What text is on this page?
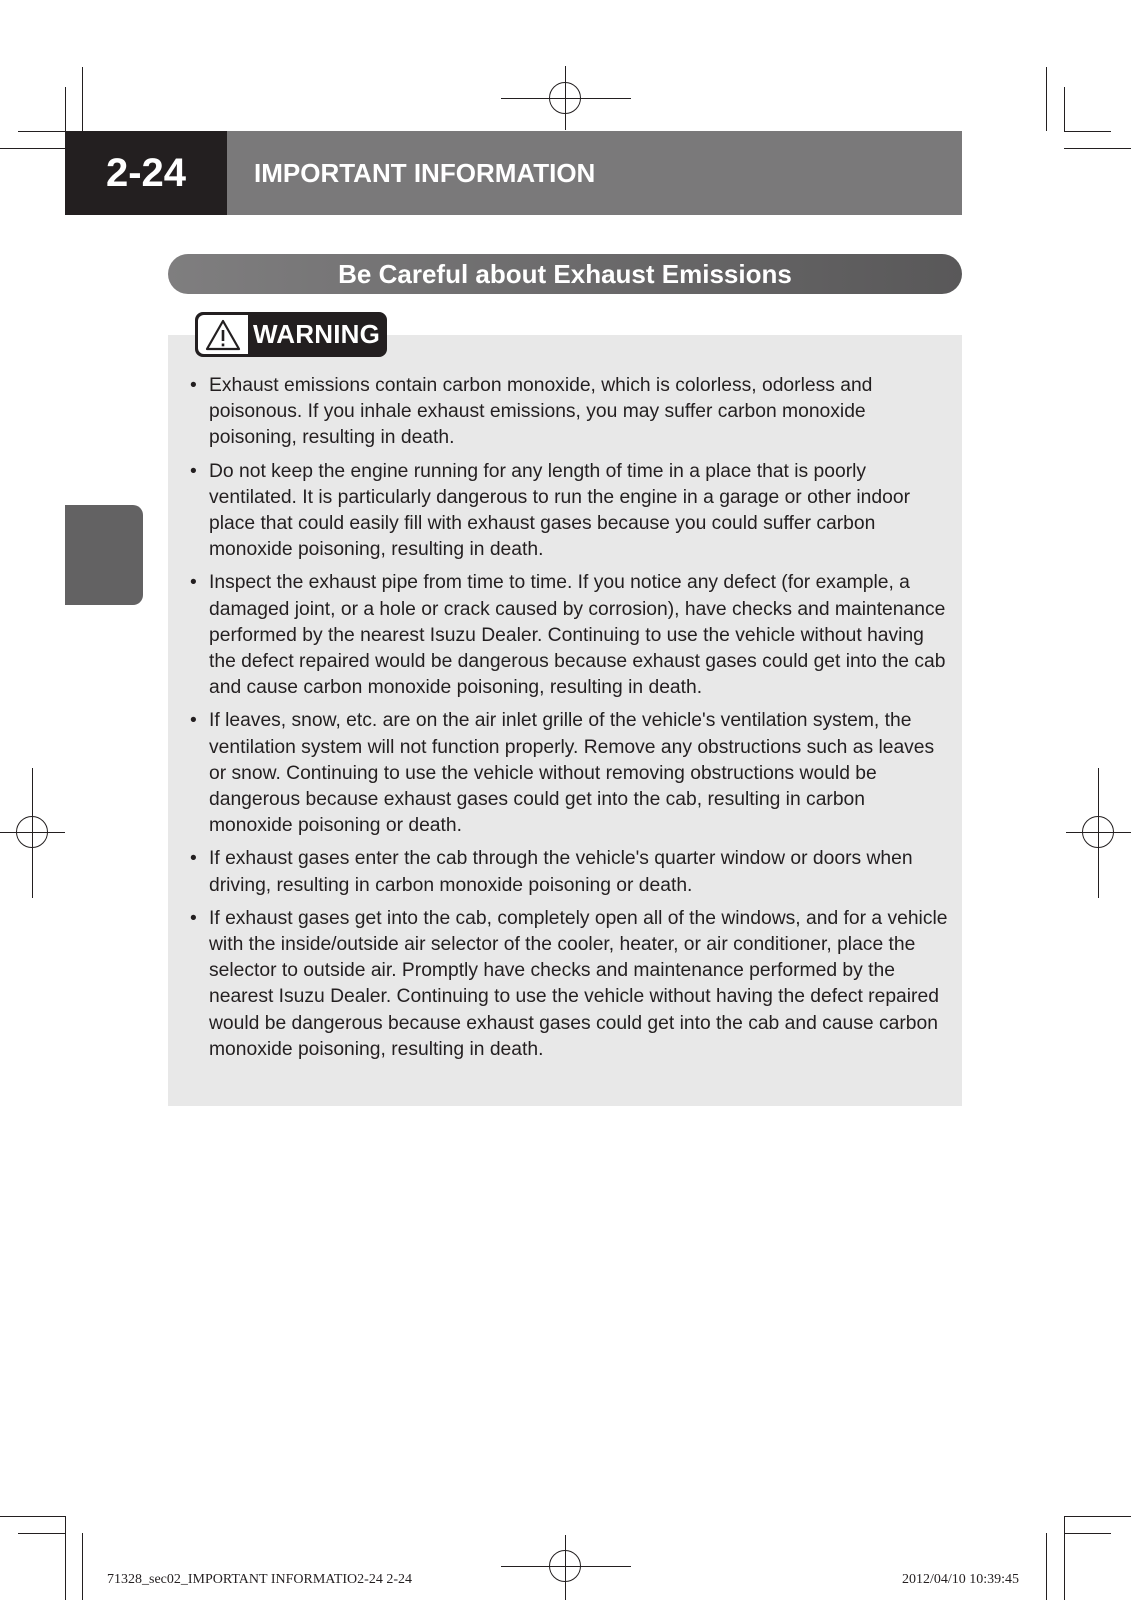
2-24	IMPORTANT INFORMATION
Be Careful about Exhaust Emissions
WARNING
• Exhaust emissions contain carbon monoxide, which is colorless, odorless and poisonous. If you inhale exhaust emissions, you may suffer carbon monoxide poisoning, resulting in death.
• Do not keep the engine running for any length of time in a place that is poorly ventilated. It is particularly dangerous to run the engine in a garage or other indoor place that could easily fill with exhaust gases because you could suffer carbon monoxide poisoning, resulting in death.
• Inspect the exhaust pipe from time to time. If you notice any defect (for example, a damaged joint, or a hole or crack caused by corrosion), have checks and maintenance performed by the nearest Isuzu Dealer. Continuing to use the vehicle without having the defect repaired would be dangerous because exhaust gases could get into the cab and cause carbon monoxide poisoning, resulting in death.
• If leaves, snow, etc. are on the air inlet grille of the vehicle's ventilation system, the ventilation system will not function properly. Remove any obstructions such as leaves or snow. Continuing to use the vehicle without removing obstructions would be dangerous because exhaust gases could get into the cab, resulting in carbon monoxide poisoning or death.
• If exhaust gases enter the cab through the vehicle's quarter window or doors when driving, resulting in carbon monoxide poisoning or death.
• If exhaust gases get into the cab, completely open all of the windows, and for a vehicle with the inside/outside air selector of the cooler, heater, or air conditioner, place the selector to outside air. Promptly have checks and maintenance performed by the nearest Isuzu Dealer. Continuing to use the vehicle without having the defect repaired would be dangerous because exhaust gases could get into the cab and cause carbon monoxide poisoning, resulting in death.
71328_sec02_IMPORTANT INFORMATIO2-24 2-24	2012/04/10 10:39:45
